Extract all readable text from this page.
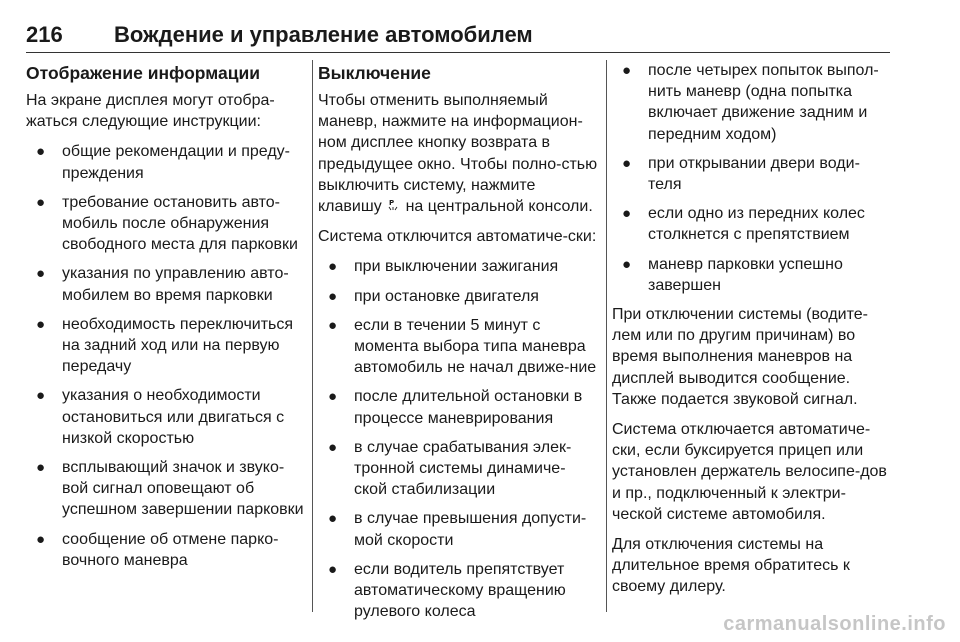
216	Вождение и управление автомобилем
Отображение информации

На экране дисплея могут отобра-жаться следующие инструкции:

● общие рекомендации и преду-преждения
● требование остановить авто-мобиль после обнаружения свободного места для парковки
● указания по управлению авто-мобилем во время парковки
● необходимость переключиться на задний ход или на первую передачу
● указания о необходимости остановиться или двигаться с низкой скоростью
● всплывающий значок и звуко-вой сигнал оповещают об успешном завершении парковки
● сообщение об отмене парко-вочного маневра
Выключение

Чтобы отменить выполняемый маневр, нажмите на информацион-ном дисплее кнопку возврата в предыдущее окно. Чтобы полно-стью выключить систему, нажмите клавишу P на центральной консоли.

Система отключится автоматиче-ски:

● при выключении зажигания
● при остановке двигателя
● если в течении 5 минут с момента выбора типа маневра автомобиль не начал движе-ние
● после длительной остановки в процессе маневрирования
● в случае срабатывания элек-тронной системы динамиче-ской стабилизации
● в случае превышения допусти-мой скорости
● если водитель препятствует автоматическому вращению рулевого колеса
● после четырех попыток выпол-нить маневр (одна попытка включает движение задним и передним ходом)
● при открывании двери води-теля
● если одно из передних колес столкнется с препятствием
● маневр парковки успешно завершен

При отключении системы (водите-лем или по другим причинам) во время выполнения маневров на дисплей выводится сообщение. Также подается звуковой сигнал.

Система отключается автоматиче-ски, если буксируется прицеп или установлен держатель велосипе-дов и пр., подключенный к электри-ческой системе автомобиля.

Для отключения системы на длительное время обратитесь к своему дилеру.

carmanualsonline.info
